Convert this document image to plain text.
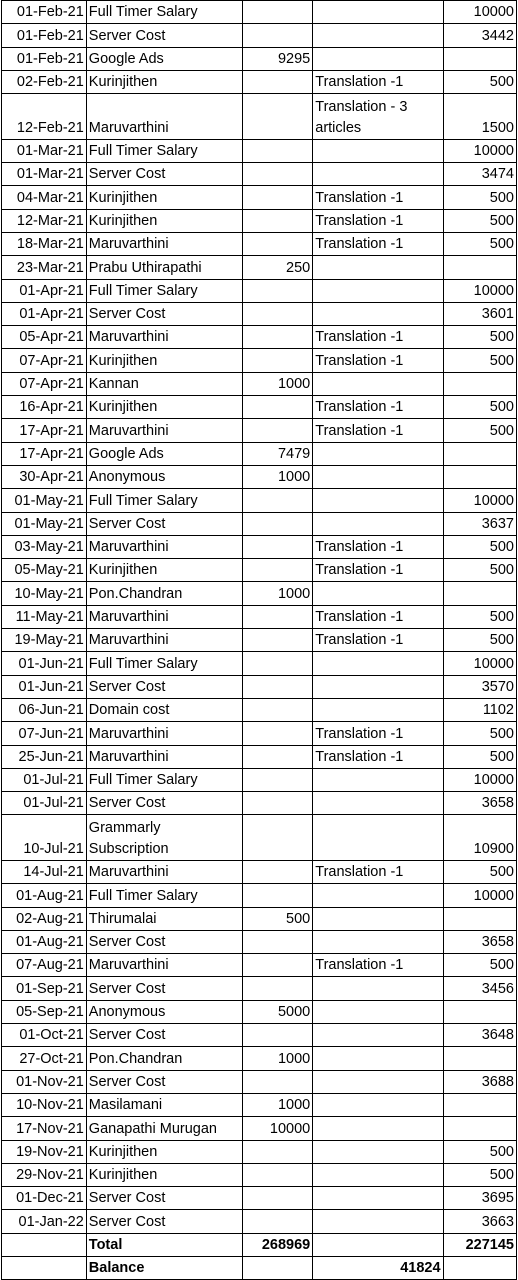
01-Feb-21	Full Timer Salary			10000
01-Feb-21	Server Cost			3442
01-Feb-21	Google Ads	9295		
02-Feb-21	Kurinjithen		Translation -1	500
12-Feb-21	Maruvarthini		Translation - 3 articles	1500
01-Mar-21	Full Timer Salary			10000
01-Mar-21	Server Cost			3474
04-Mar-21	Kurinjithen		Translation -1	500
12-Mar-21	Kurinjithen		Translation -1	500
18-Mar-21	Maruvarthini		Translation -1	500
23-Mar-21	Prabu Uthirapathi	250		
01-Apr-21	Full Timer Salary			10000
01-Apr-21	Server Cost			3601
05-Apr-21	Maruvarthini		Translation -1	500
07-Apr-21	Kurinjithen		Translation -1	500
07-Apr-21	Kannan	1000		
16-Apr-21	Kurinjithen		Translation -1	500
17-Apr-21	Maruvarthini		Translation -1	500
17-Apr-21	Google Ads	7479		
30-Apr-21	Anonymous	1000		
01-May-21	Full Timer Salary			10000
01-May-21	Server Cost			3637
03-May-21	Maruvarthini		Translation -1	500
05-May-21	Kurinjithen		Translation -1	500
10-May-21	Pon.Chandran	1000		
11-May-21	Maruvarthini		Translation -1	500
19-May-21	Maruvarthini		Translation -1	500
01-Jun-21	Full Timer Salary			10000
01-Jun-21	Server Cost			3570
06-Jun-21	Domain cost			1102
07-Jun-21	Maruvarthini		Translation -1	500
25-Jun-21	Maruvarthini		Translation -1	500
01-Jul-21	Full Timer Salary			10000
01-Jul-21	Server Cost			3658
10-Jul-21	Grammarly Subscription			10900
14-Jul-21	Maruvarthini		Translation -1	500
01-Aug-21	Full Timer Salary			10000
02-Aug-21	Thirumalai	500		
01-Aug-21	Server Cost			3658
07-Aug-21	Maruvarthini		Translation -1	500
01-Sep-21	Server Cost			3456
05-Sep-21	Anonymous	5000		
01-Oct-21	Server Cost			3648
27-Oct-21	Pon.Chandran	1000		
01-Nov-21	Server Cost			3688
10-Nov-21	Masilamani	1000		
17-Nov-21	Ganapathi Murugan	10000		
19-Nov-21	Kurinjithen			500
29-Nov-21	Kurinjithen			500
01-Dec-21	Server Cost			3695
01-Jan-22	Server Cost			3663
	Total	268969		227145
	Balance		41824	
